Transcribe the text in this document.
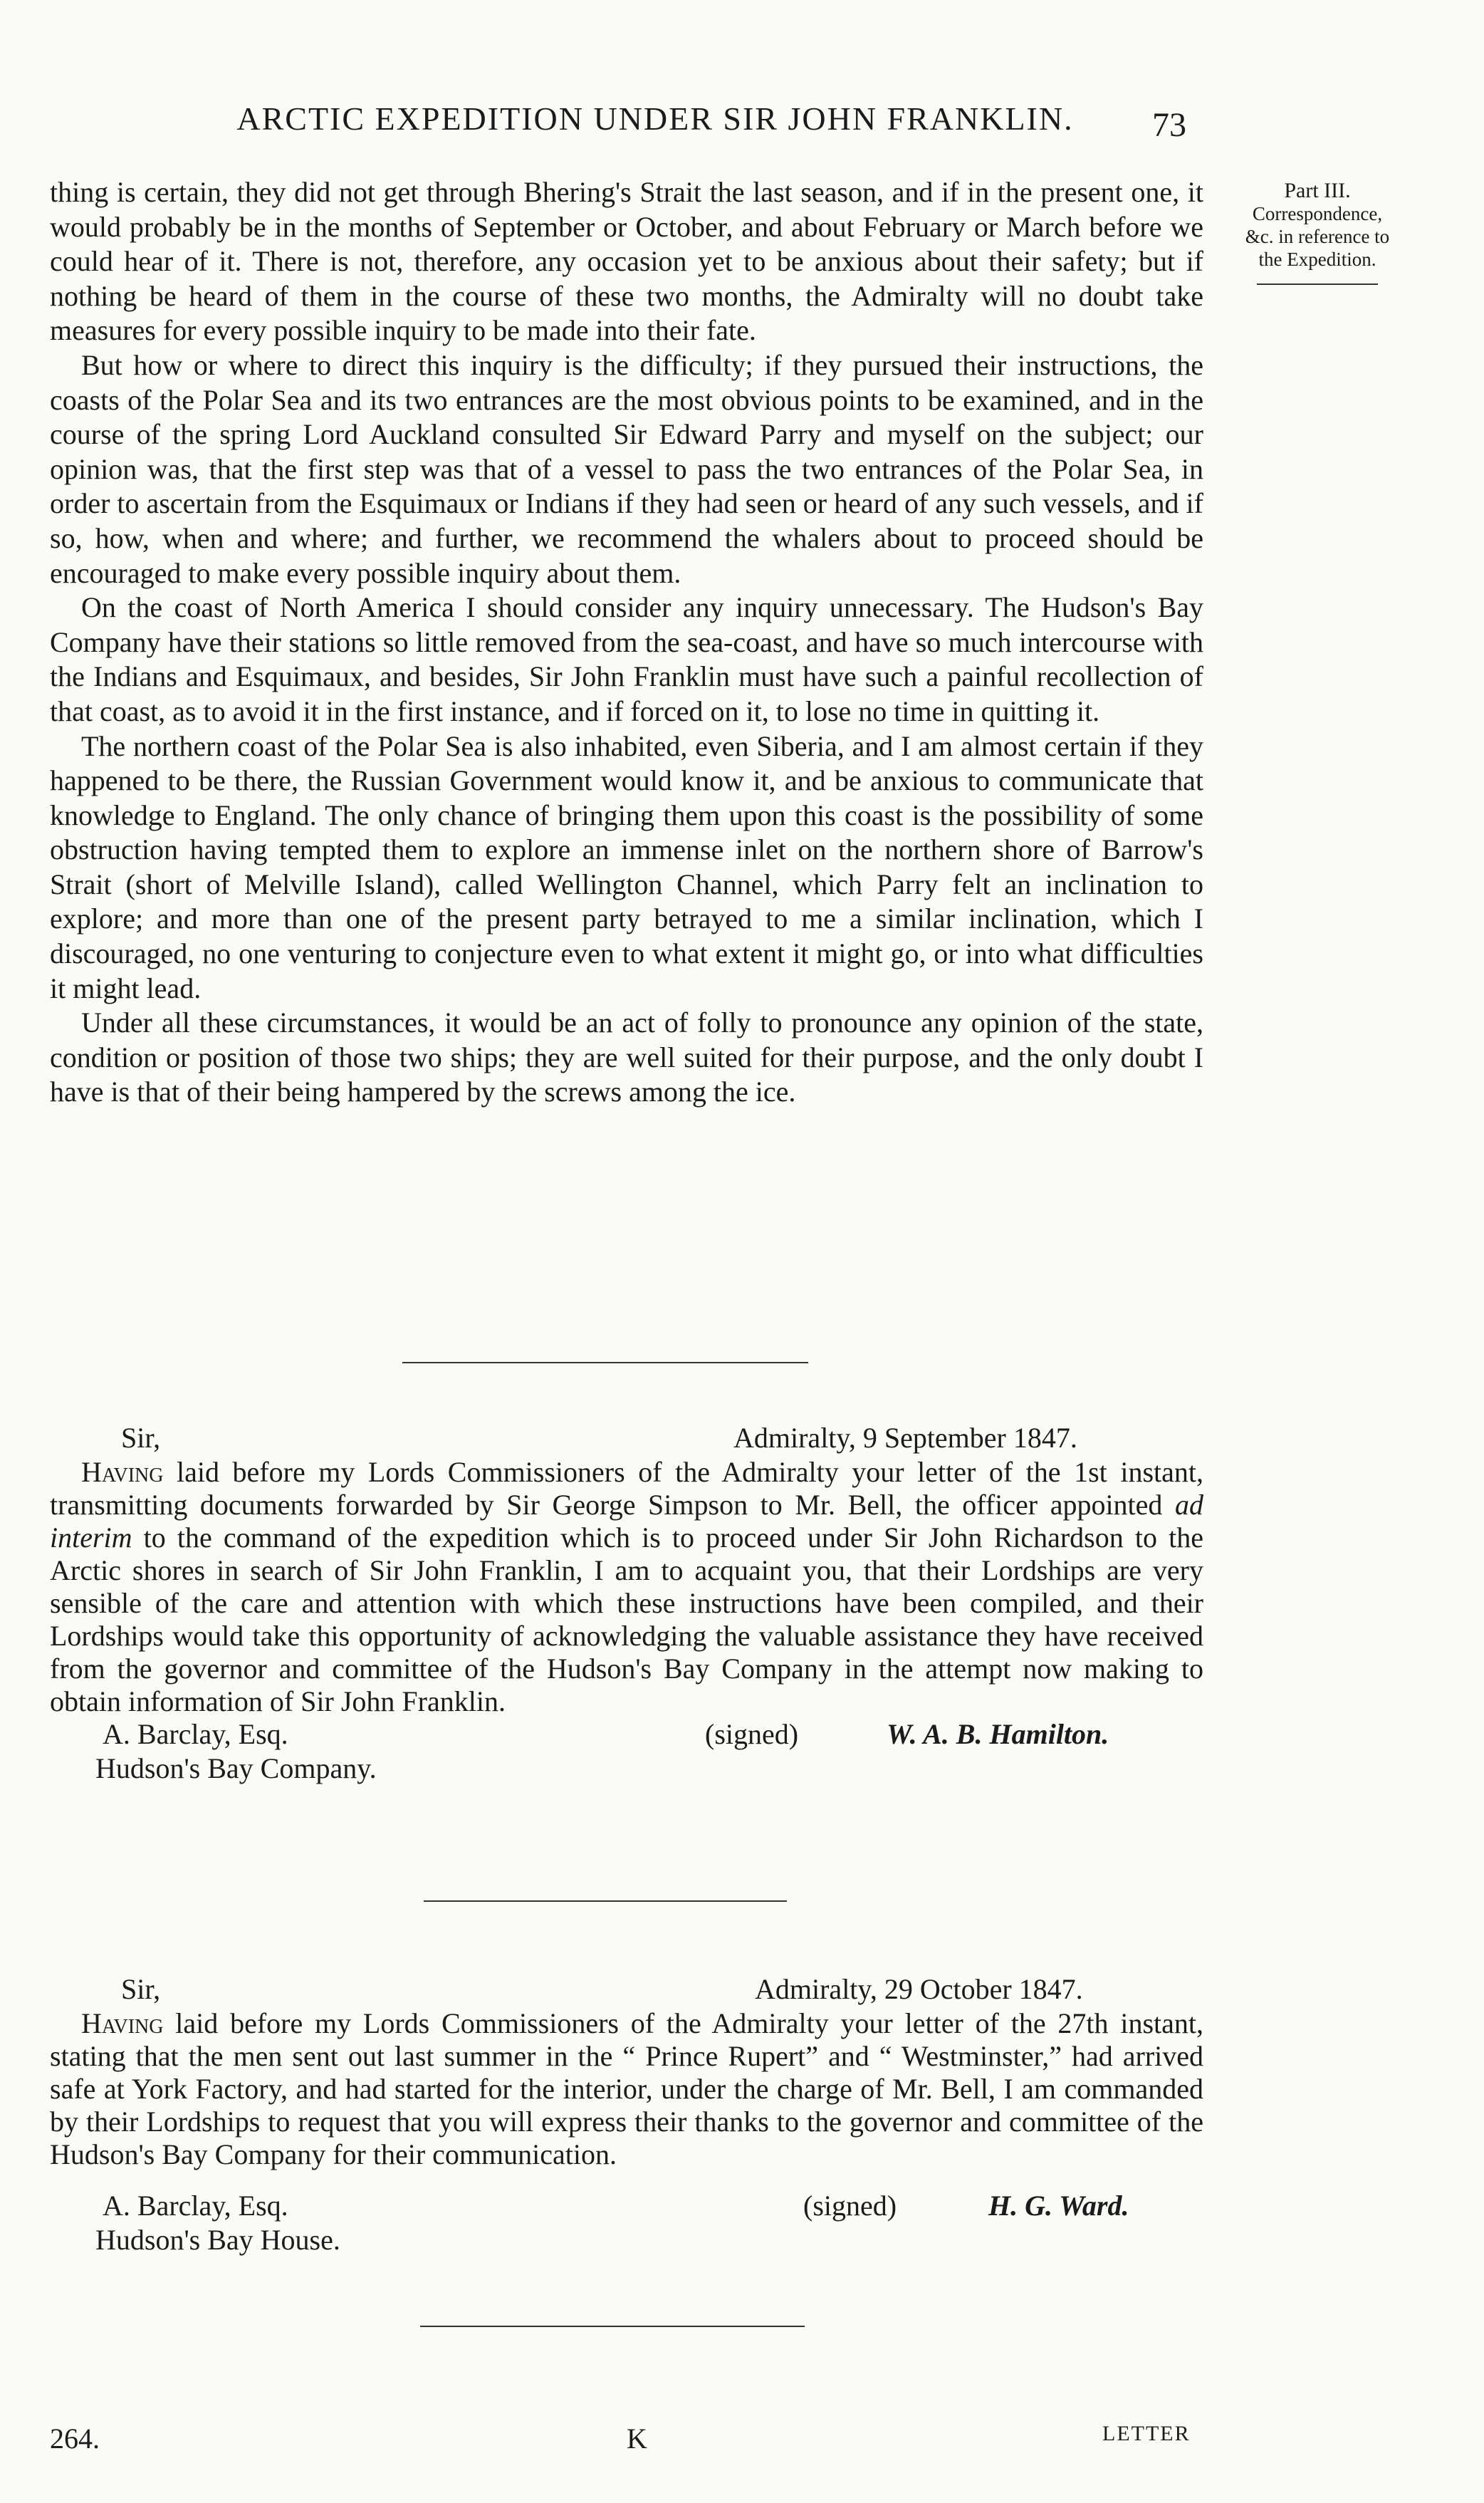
ARCTIC EXPEDITION UNDER SIR JOHN FRANKLIN.	73
Part III.
Correspondence,
&c. in reference to
the Expedition.

thing is certain, they did not get through Bhering's Strait the last season, and if in the present one, it would probably be in the months of September or October, and about February or March before we could hear of it. There is not, therefore, any occasion yet to be anxious about their safety; but if nothing be heard of them in the course of these two months, the Admiralty will no doubt take measures for every possible inquiry to be made into their fate.

But how or where to direct this inquiry is the difficulty; if they pursued their instructions, the coasts of the Polar Sea and its two entrances are the most obvious points to be examined, and in the course of the spring Lord Auckland consulted Sir Edward Parry and myself on the subject; our opinion was, that the first step was that of a vessel to pass the two entrances of the Polar Sea, in order to ascertain from the Esquimaux or Indians if they had seen or heard of any such vessels, and if so, how, when and where; and further, we recommend the whalers about to proceed should be encouraged to make every possible inquiry about them.

On the coast of North America I should consider any inquiry unnecessary. The Hudson's Bay Company have their stations so little removed from the sea-coast, and have so much intercourse with the Indians and Esquimaux, and besides, Sir John Franklin must have such a painful recollection of that coast, as to avoid it in the first instance, and if forced on it, to lose no time in quitting it.

The northern coast of the Polar Sea is also inhabited, even Siberia, and I am almost certain if they happened to be there, the Russian Government would know it, and be anxious to communicate that knowledge to England. The only chance of bringing them upon this coast is the possibility of some obstruction having tempted them to explore an immense inlet on the northern shore of Barrow's Strait (short of Melville Island), called Wellington Channel, which Parry felt an inclination to explore; and more than one of the present party betrayed to me a similar inclination, which I discouraged, no one venturing to conjecture even to what extent it might go, or into what difficulties it might lead.

Under all these circumstances, it would be an act of folly to pronounce any opinion of the state, condition or position of those two ships; they are well suited for their purpose, and the only doubt I have is that of their being hampered by the screws among the ice.

Sir,	Admiralty, 9 September 1847.

Having laid before my Lords Commissioners of the Admiralty your letter of the 1st instant, transmitting documents forwarded by Sir George Simpson to Mr. Bell, the officer appointed ad interim to the command of the expedition which is to proceed under Sir John Richardson to the Arctic shores in search of Sir John Franklin, I am to acquaint you, that their Lordships are very sensible of the care and attention with which these instructions have been compiled, and their Lordships would take this opportunity of acknowledging the valuable assistance they have received from the governor and committee of the Hudson's Bay Company in the attempt now making to obtain information of Sir John Franklin.

A. Barclay, Esq.	(signed)	W. A. B. Hamilton.
Hudson's Bay Company.
Sir,	Admiralty, 29 October 1847.

Having laid before my Lords Commissioners of the Admiralty your letter of the 27th instant, stating that the men sent out last summer in the “ Prince Rupert” and “ Westminster,” had arrived safe at York Factory, and had started for the interior, under the charge of Mr. Bell, I am commanded by their Lordships to request that you will express their thanks to the governor and committee of the Hudson's Bay Company for their communication.

A. Barclay, Esq.	(signed)	H. G. Ward.
Hudson's Bay House.
264.	K	LETTER
